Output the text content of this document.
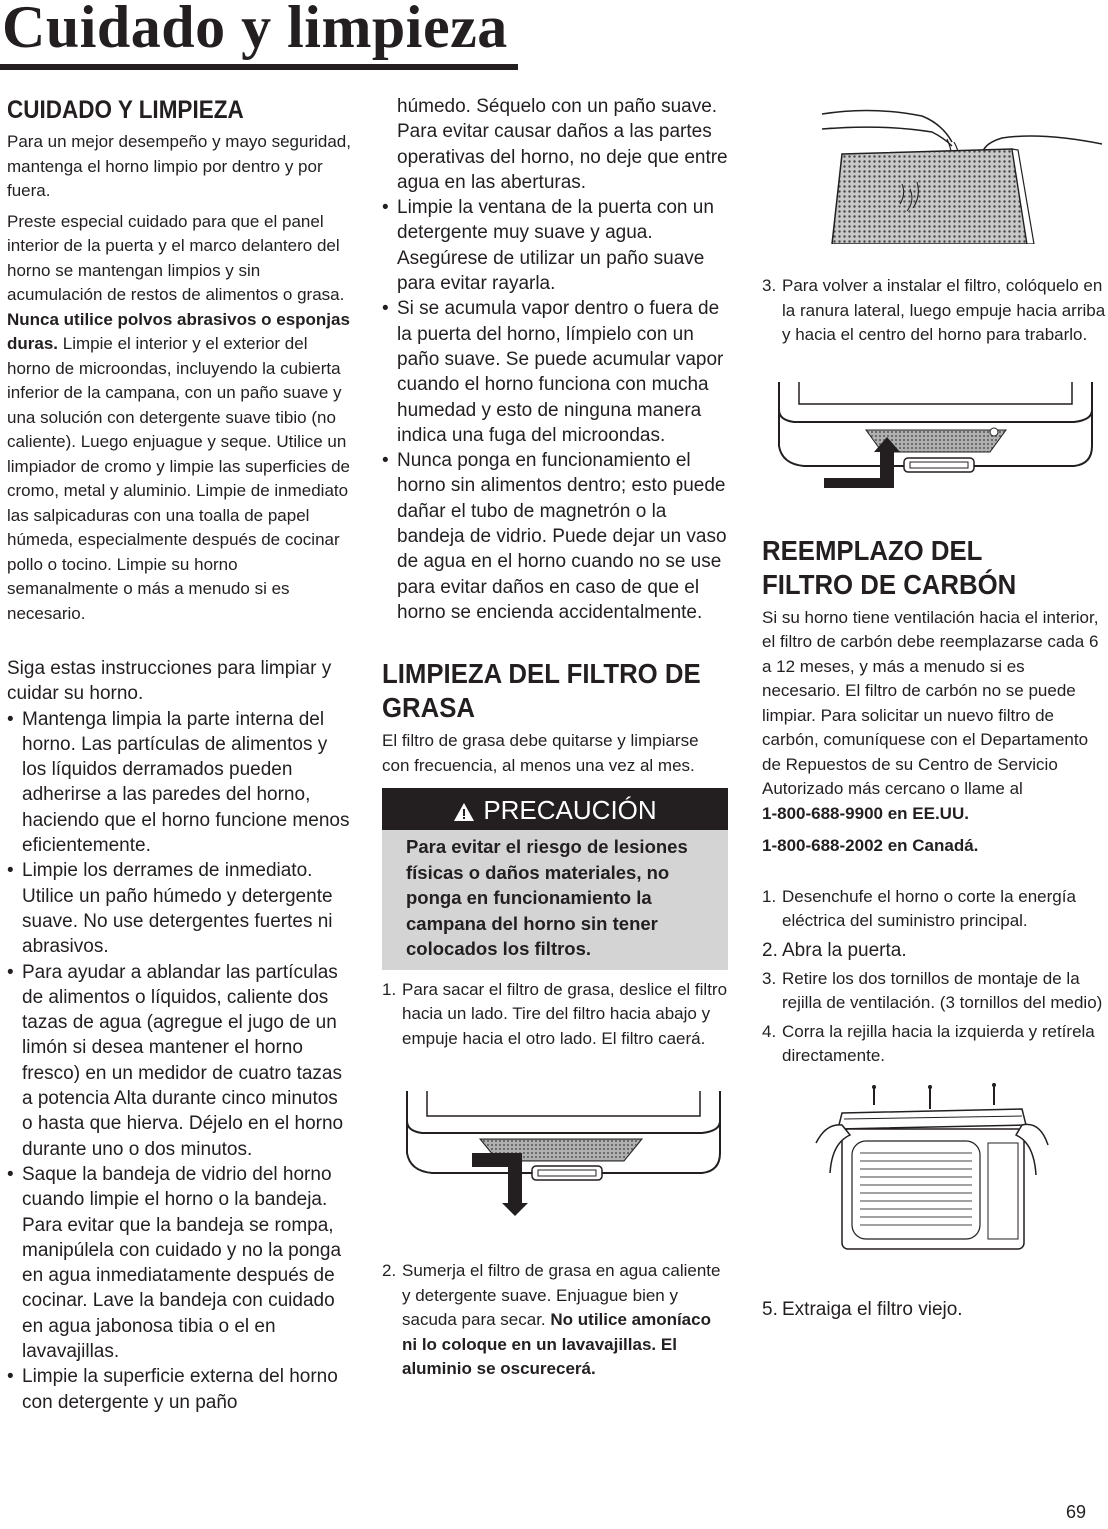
Cuidado y limpieza
CUIDADO Y LIMPIEZA

Para un mejor desempeño y mayo seguridad, mantenga el horno limpio por dentro y por fuera.

Preste especial cuidado para que el panel interior de la puerta y el marco delantero del horno se mantengan limpios y sin acumulación de restos de alimentos o grasa. Nunca utilice polvos abrasivos o esponjas duras. Limpie el interior y el exterior del horno de microondas, incluyendo la cubierta inferior de la campana, con un paño suave y una solución con detergente suave tibio (no caliente). Luego enjuague y seque. Utilice un limpiador de cromo y limpie las superficies de cromo, metal y aluminio. Limpie de inmediato las salpicaduras con una toalla de papel húmeda, especialmente después de cocinar pollo o tocino. Limpie su horno semanalmente o más a menudo si es necesario.

Siga estas instrucciones para limpiar y cuidar su horno.

• Mantenga limpia la parte interna del horno. Las partículas de alimentos y los líquidos derramados pueden adherirse a las paredes del horno, haciendo que el horno funcione menos eficientemente.
• Limpie los derrames de inmediato. Utilice un paño húmedo y detergente suave. No use detergentes fuertes ni abrasivos.
• Para ayudar a ablandar las partículas de alimentos o líquidos, caliente dos tazas de agua (agregue el jugo de un limón si desea mantener el horno fresco) en un medidor de cuatro tazas a potencia Alta durante cinco minutos o hasta que hierva. Déjelo en el horno durante uno o dos minutos.
• Saque la bandeja de vidrio del horno cuando limpie el horno o la bandeja. Para evitar que la bandeja se rompa, manipúlela con cuidado y no la ponga en agua inmediatamente después de cocinar. Lave la bandeja con cuidado en agua jabonosa tibia o el en lavavajillas.
• Limpie la superficie externa del horno con detergente y un paño

húmedo. Séquelo con un paño suave. Para evitar causar daños a las partes operativas del horno, no deje que entre agua en las aberturas.

• Limpie la ventana de la puerta con un detergente muy suave y agua. Asegúrese de utilizar un paño suave para evitar rayarla.
• Si se acumula vapor dentro o fuera de la puerta del horno, límpielo con un paño suave. Se puede acumular vapor cuando el horno funciona con mucha humedad y esto de ninguna manera indica una fuga del microondas.
• Nunca ponga en funcionamiento el horno sin alimentos dentro; esto puede dañar el tubo de magnetrón o la bandeja de vidrio. Puede dejar un vaso de agua en el horno cuando no se use para evitar daños en caso de que el horno se encienda accidentalmente.
LIMPIEZA DEL FILTRO DE GRASA

El filtro de grasa debe quitarse y limpiarse con frecuencia, al menos una vez al mes.

PRECAUCIÓN
Para evitar el riesgo de lesiones físicas o daños materiales, no ponga en funcionamiento la campana del horno sin tener colocados los filtros.
1. Para sacar el filtro de grasa, deslice el filtro hacia un lado. Tire del filtro hacia abajo y empuje hacia el otro lado. El filtro caerá.
2. Sumerja el filtro de grasa en agua caliente y detergente suave. Enjuague bien y sacuda para secar. No utilice amoníaco ni lo coloque en un lavavajillas. El aluminio se oscurecerá.
3. Para volver a instalar el filtro, colóquelo en la ranura lateral, luego empuje hacia arriba y hacia el centro del horno para trabarlo.
REEMPLAZO DEL FILTRO DE CARBÓN

Si su horno tiene ventilación hacia el interior, el filtro de carbón debe reemplazarse cada 6 a 12 meses, y más a menudo si es necesario. El filtro de carbón no se puede limpiar. Para solicitar un nuevo filtro de carbón, comuníquese con el Departamento de Repuestos de su Centro de Servicio Autorizado más cercano o llame al

1-800-688-9900 en EE.UU.

1-800-688-2002 en Canadá.

1. Desenchufe el horno o corte la energía eléctrica del suministro principal.
2. Abra la puerta.
3. Retire los dos tornillos de montaje de la rejilla de ventilación. (3 tornillos del medio)
4. Corra la rejilla hacia la izquierda y retírela directamente.
5. Extraiga el filtro viejo.
69
